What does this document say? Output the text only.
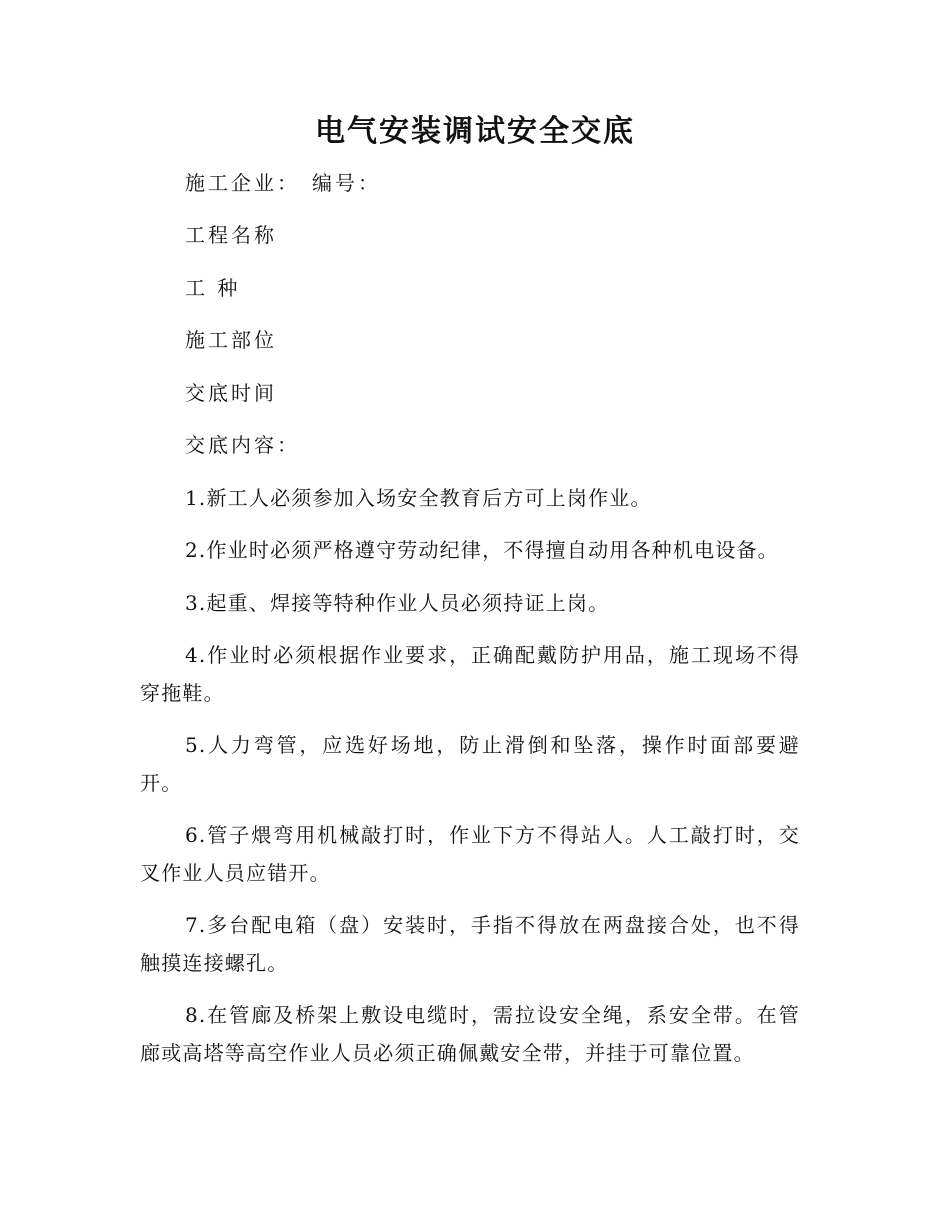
电气安装调试安全交底
施工企业： 编号：
工程名称
工 种
施工部位
交底时间
交底内容：
1.新工人必须参加入场安全教育后方可上岗作业。
2.作业时必须严格遵守劳动纪律，不得擅自动用各种机电设备。
3.起重、焊接等特种作业人员必须持证上岗。
4.作业时必须根据作业要求，正确配戴防护用品，施工现场不得穿拖鞋。
5.人力弯管，应选好场地，防止滑倒和坠落，操作时面部要避开。
6.管子煨弯用机械敲打时，作业下方不得站人。人工敲打时，交叉作业人员应错开。
7.多台配电箱（盘）安装时，手指不得放在两盘接合处，也不得触摸连接螺孔。
8.在管廊及桥架上敷设电缆时，需拉设安全绳，系安全带。在管廊或高塔等高空作业人员必须正确佩戴安全带，并挂于可靠位置。
